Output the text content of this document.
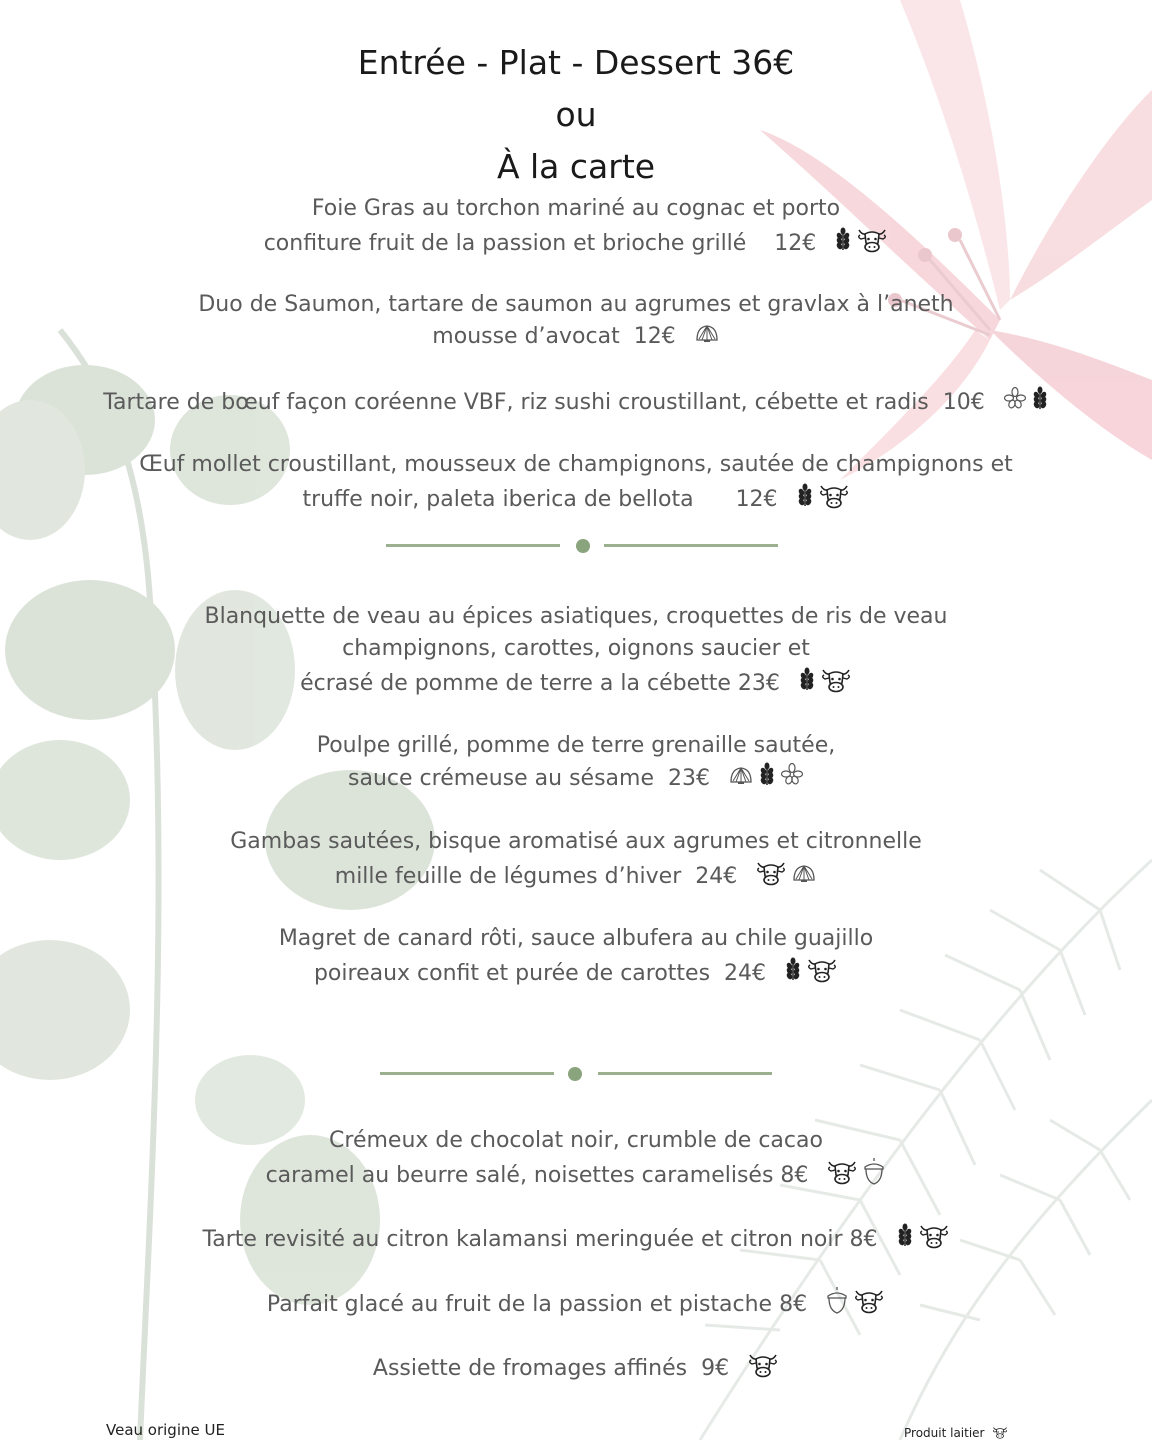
Entrée - Plat - Dessert 36€
ou
À la carte
Foie Gras au torchon mariné au cognac et porto
confiture fruit de la passion et brioche grillé    12€
Duo de Saumon, tartare de saumon au agrumes et gravlax à l’aneth
mousse d’avocat  12€
Tartare de bœuf façon coréenne VBF, riz sushi croustillant, cébette et radis  10€
Œuf mollet croustillant, mousseux de champignons, sautée de champignons et
truffe noir, paleta iberica de bellota      12€
Blanquette de veau au épices asiatiques, croquettes de ris de veau
champignons, carottes, oignons saucier et
écrasé de pomme de terre a la cébette 23€
Poulpe grillé, pomme de terre grenaille sautée,
sauce crémeuse au sésame  23€
Gambas sautées, bisque aromatisé aux agrumes et citronnelle
mille feuille de légumes d’hiver  24€
Magret de canard rôti, sauce albufera au chile guajillo
poireaux confit et purée de carottes  24€
Crémeux de chocolat noir, crumble de cacao
caramel au beurre salé, noisettes caramelisés 8€
Tarte revisité au citron kalamansi meringuée et citron noir 8€
Parfait glacé au fruit de la passion et pistache 8€
Assiette de fromages affinés  9€
Veau origine UE	Produit laitier
